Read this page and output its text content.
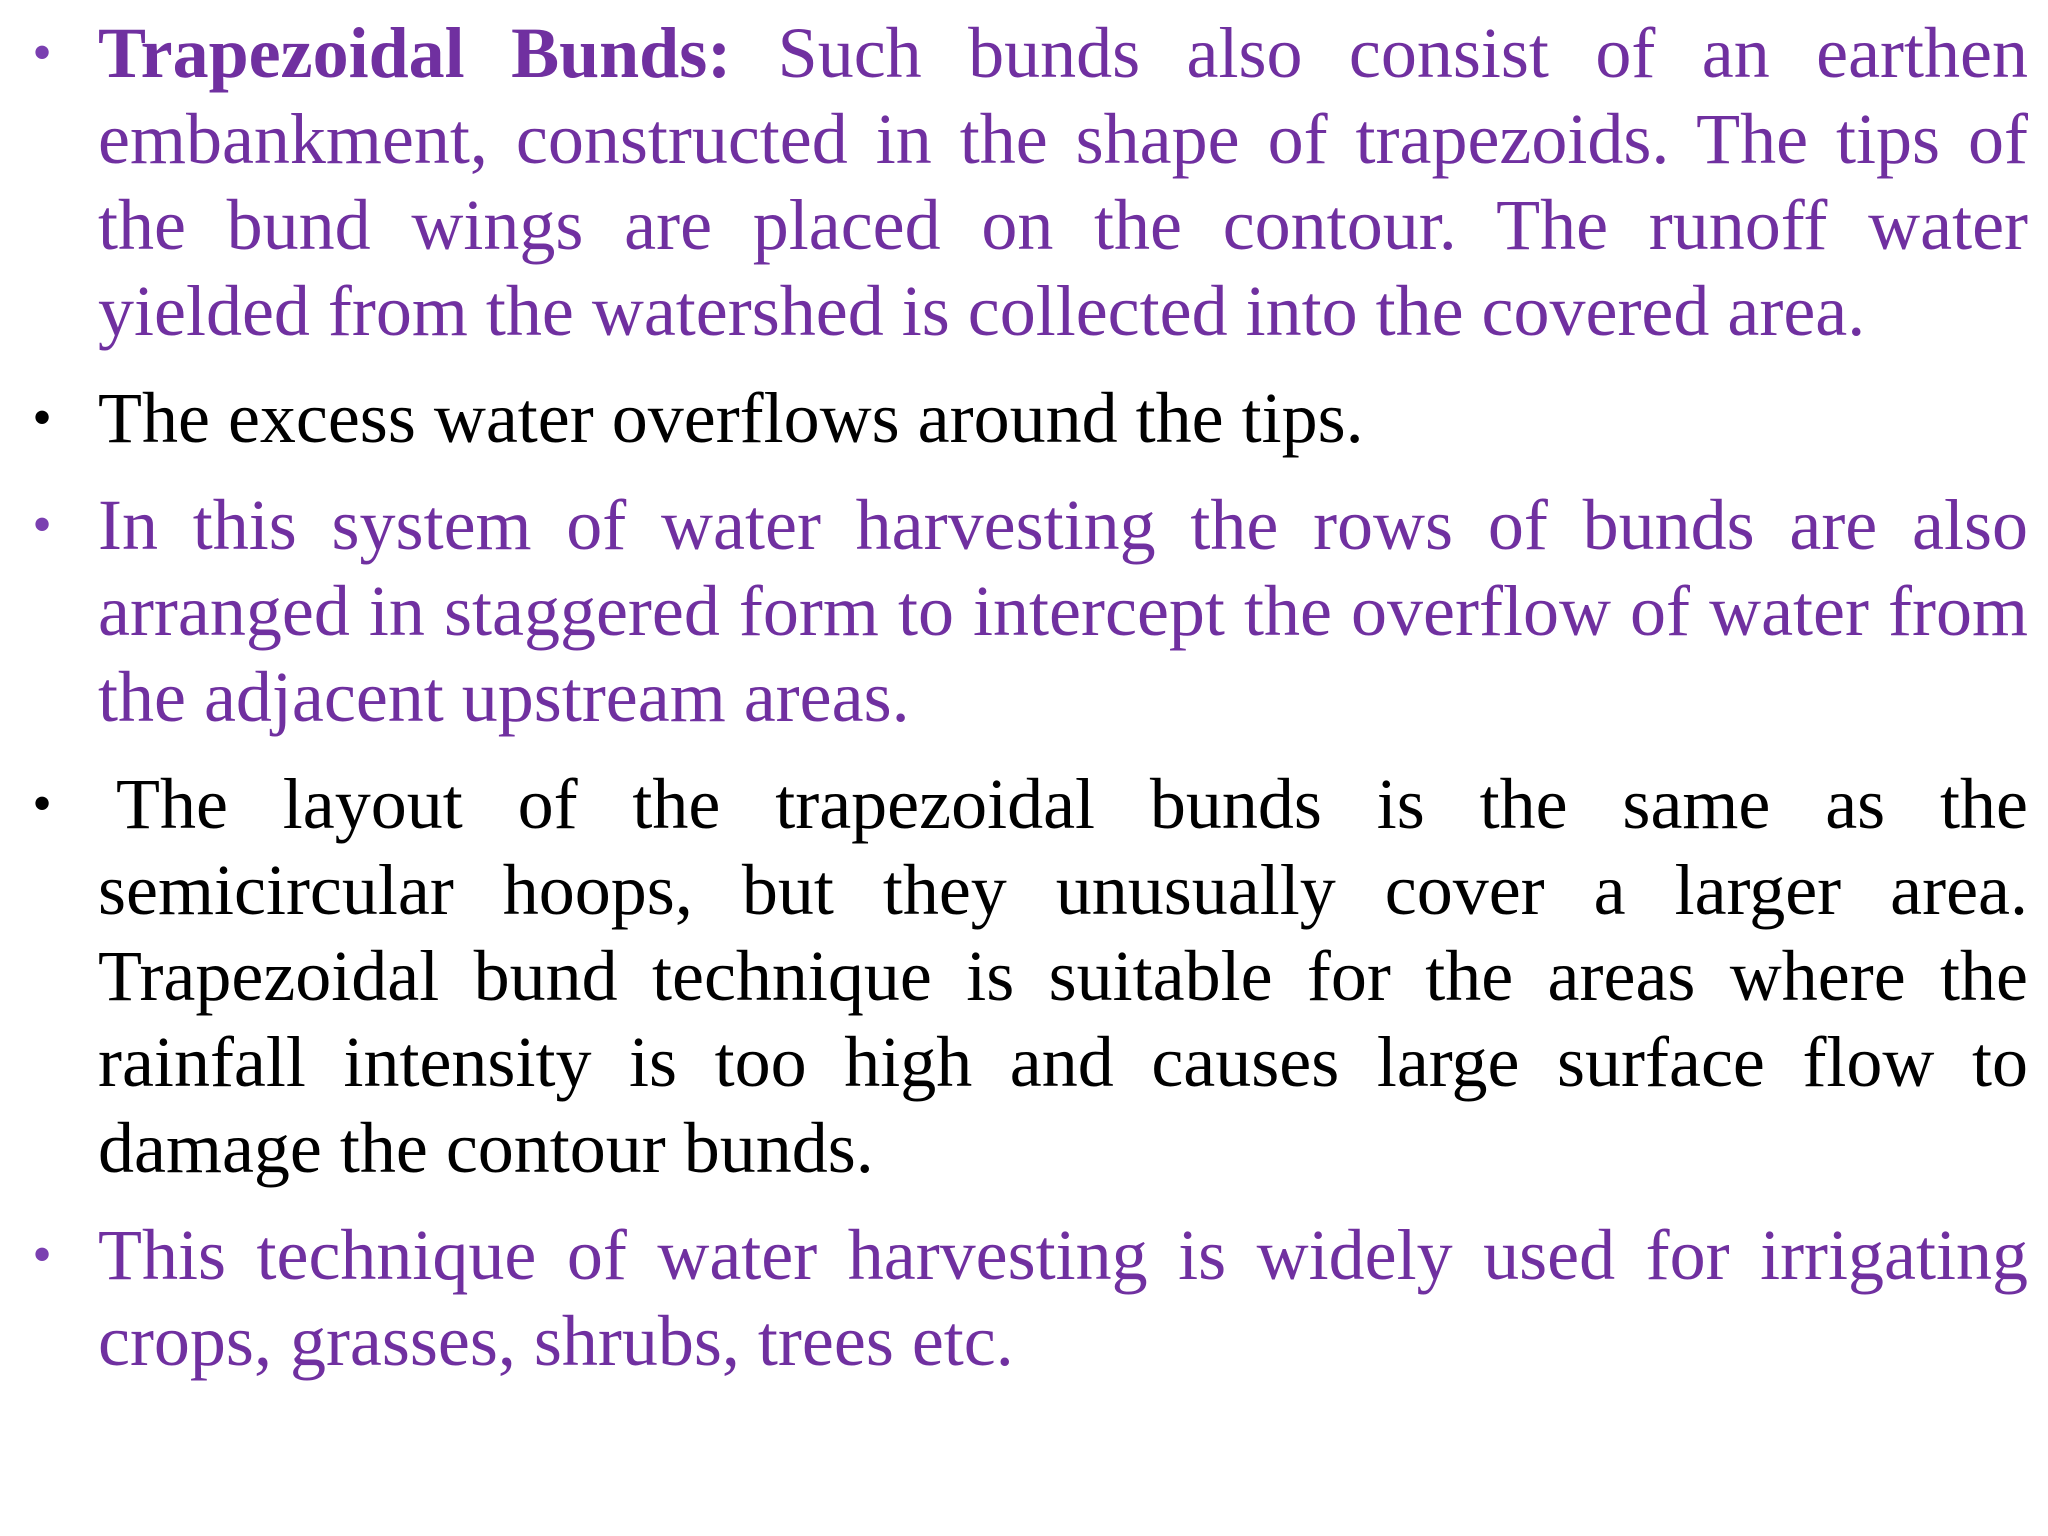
• Trapezoidal Bunds: Such bunds also consist of an earthen embankment, constructed in the shape of trapezoids. The tips of the bund wings are placed on the contour. The runoff water yielded from the watershed is collected into the covered area.
• The excess water overflows around the tips.
• In this system of water harvesting the rows of bunds are also arranged in staggered form to intercept the overflow of water from the adjacent upstream areas.
• The layout of the trapezoidal bunds is the same as the semicircular hoops, but they unusually cover a larger area. Trapezoidal bund technique is suitable for the areas where the rainfall intensity is too high and causes large surface flow to damage the contour bunds.
• This technique of water harvesting is widely used for irrigating crops, grasses, shrubs, trees etc.
